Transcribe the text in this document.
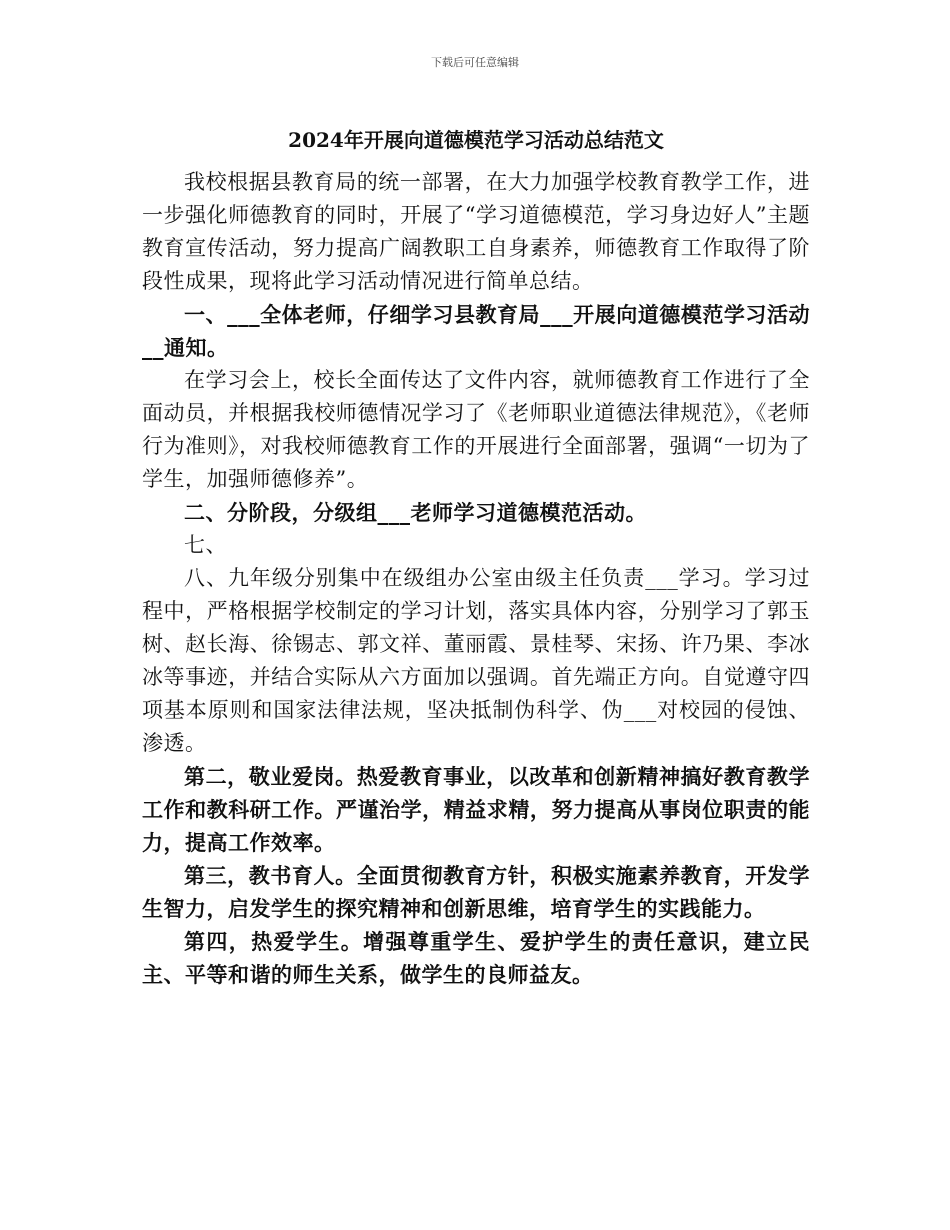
下载后可任意编辑
2024年开展向道德模范学习活动总结范文

我校根据县教育局的统一部署，在大力加强学校教育教学工作，进一步强化师德教育的同时，开展了“学习道德模范，学习身边好人”主题教育宣传活动，努力提高广阔教职工自身素养，师德教育工作取得了阶段性成果，现将此学习活动情况进行简单总结。

一、___全体老师，仔细学习县教育局___开展向道德模范学习活动__通知。

在学习会上，校长全面传达了文件内容，就师德教育工作进行了全面动员，并根据我校师德情况学习了《老师职业道德法律规范》，《老师行为准则》，对我校师德教育工作的开展进行全面部署，强调“一切为了学生，加强师德修养”。

二、分阶段，分级组___老师学习道德模范活动。

七、

八、九年级分别集中在级组办公室由级主任负责___学习。学习过程中，严格根据学校制定的学习计划，落实具体内容，分别学习了郭玉树、赵长海、徐锡志、郭文祥、董丽霞、景桂琴、宋扬、许乃果、李冰冰等事迹，并结合实际从六方面加以强调。首先端正方向。自觉遵守四项基本原则和国家法律法规，坚决抵制伪科学、伪___对校园的侵蚀、渗透。

第二，敬业爱岗。热爱教育事业，以改革和创新精神搞好教育教学工作和教科研工作。严谨治学，精益求精，努力提高从事岗位职责的能力，提高工作效率。

第三，教书育人。全面贯彻教育方针，积极实施素养教育，开发学生智力，启发学生的探究精神和创新思维，培育学生的实践能力。

第四，热爱学生。增强尊重学生、爱护学生的责任意识，建立民主、平等和谐的师生关系，做学生的良师益友。
